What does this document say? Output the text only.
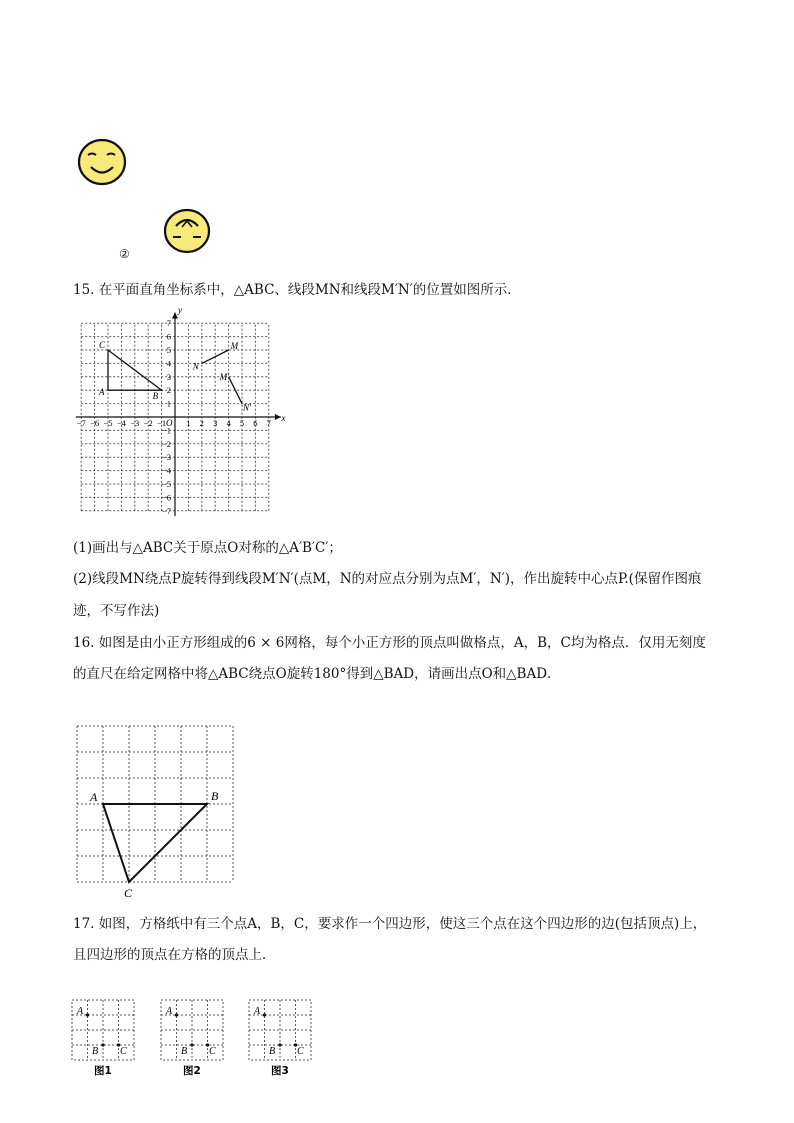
②
15. 在平面直角坐标系中，△ABC、线段MN和线段M′N′的位置如图所示．
x
y
O
−7 −6 −5 −4 −3 −2 −1 1 2 3 4 5 6 7
7
6
5
4
3
2
1
−1
−2
−3
−4
−5
−6
−7
A	B
C	M
N
M′
N′
(1)画出与△ABC关于原点O对称的△A′B′C′；
(2)线段MN绕点P旋转得到线段M′N′(点M，N的对应点分别为点M′，N′)，作出旋转中心点P.(保留作图痕
迹，不写作法)
16. 如图是由小正方形组成的6 × 6网格，每个小正方形的顶点叫做格点，A，B，C均为格点．仅用无刻度
的直尺在给定网格中将△ABC绕点O旋转180°得到△BAD，请画出点O和△BAD．
A	B
C
17. 如图，方格纸中有三个点A，B，C，要求作一个四边形，使这三个点在这个四边形的边(包括顶点)上，
且四边形的顶点在方格的顶点上．
A
B C
图1
A
B C
图2
A
B C
图3
